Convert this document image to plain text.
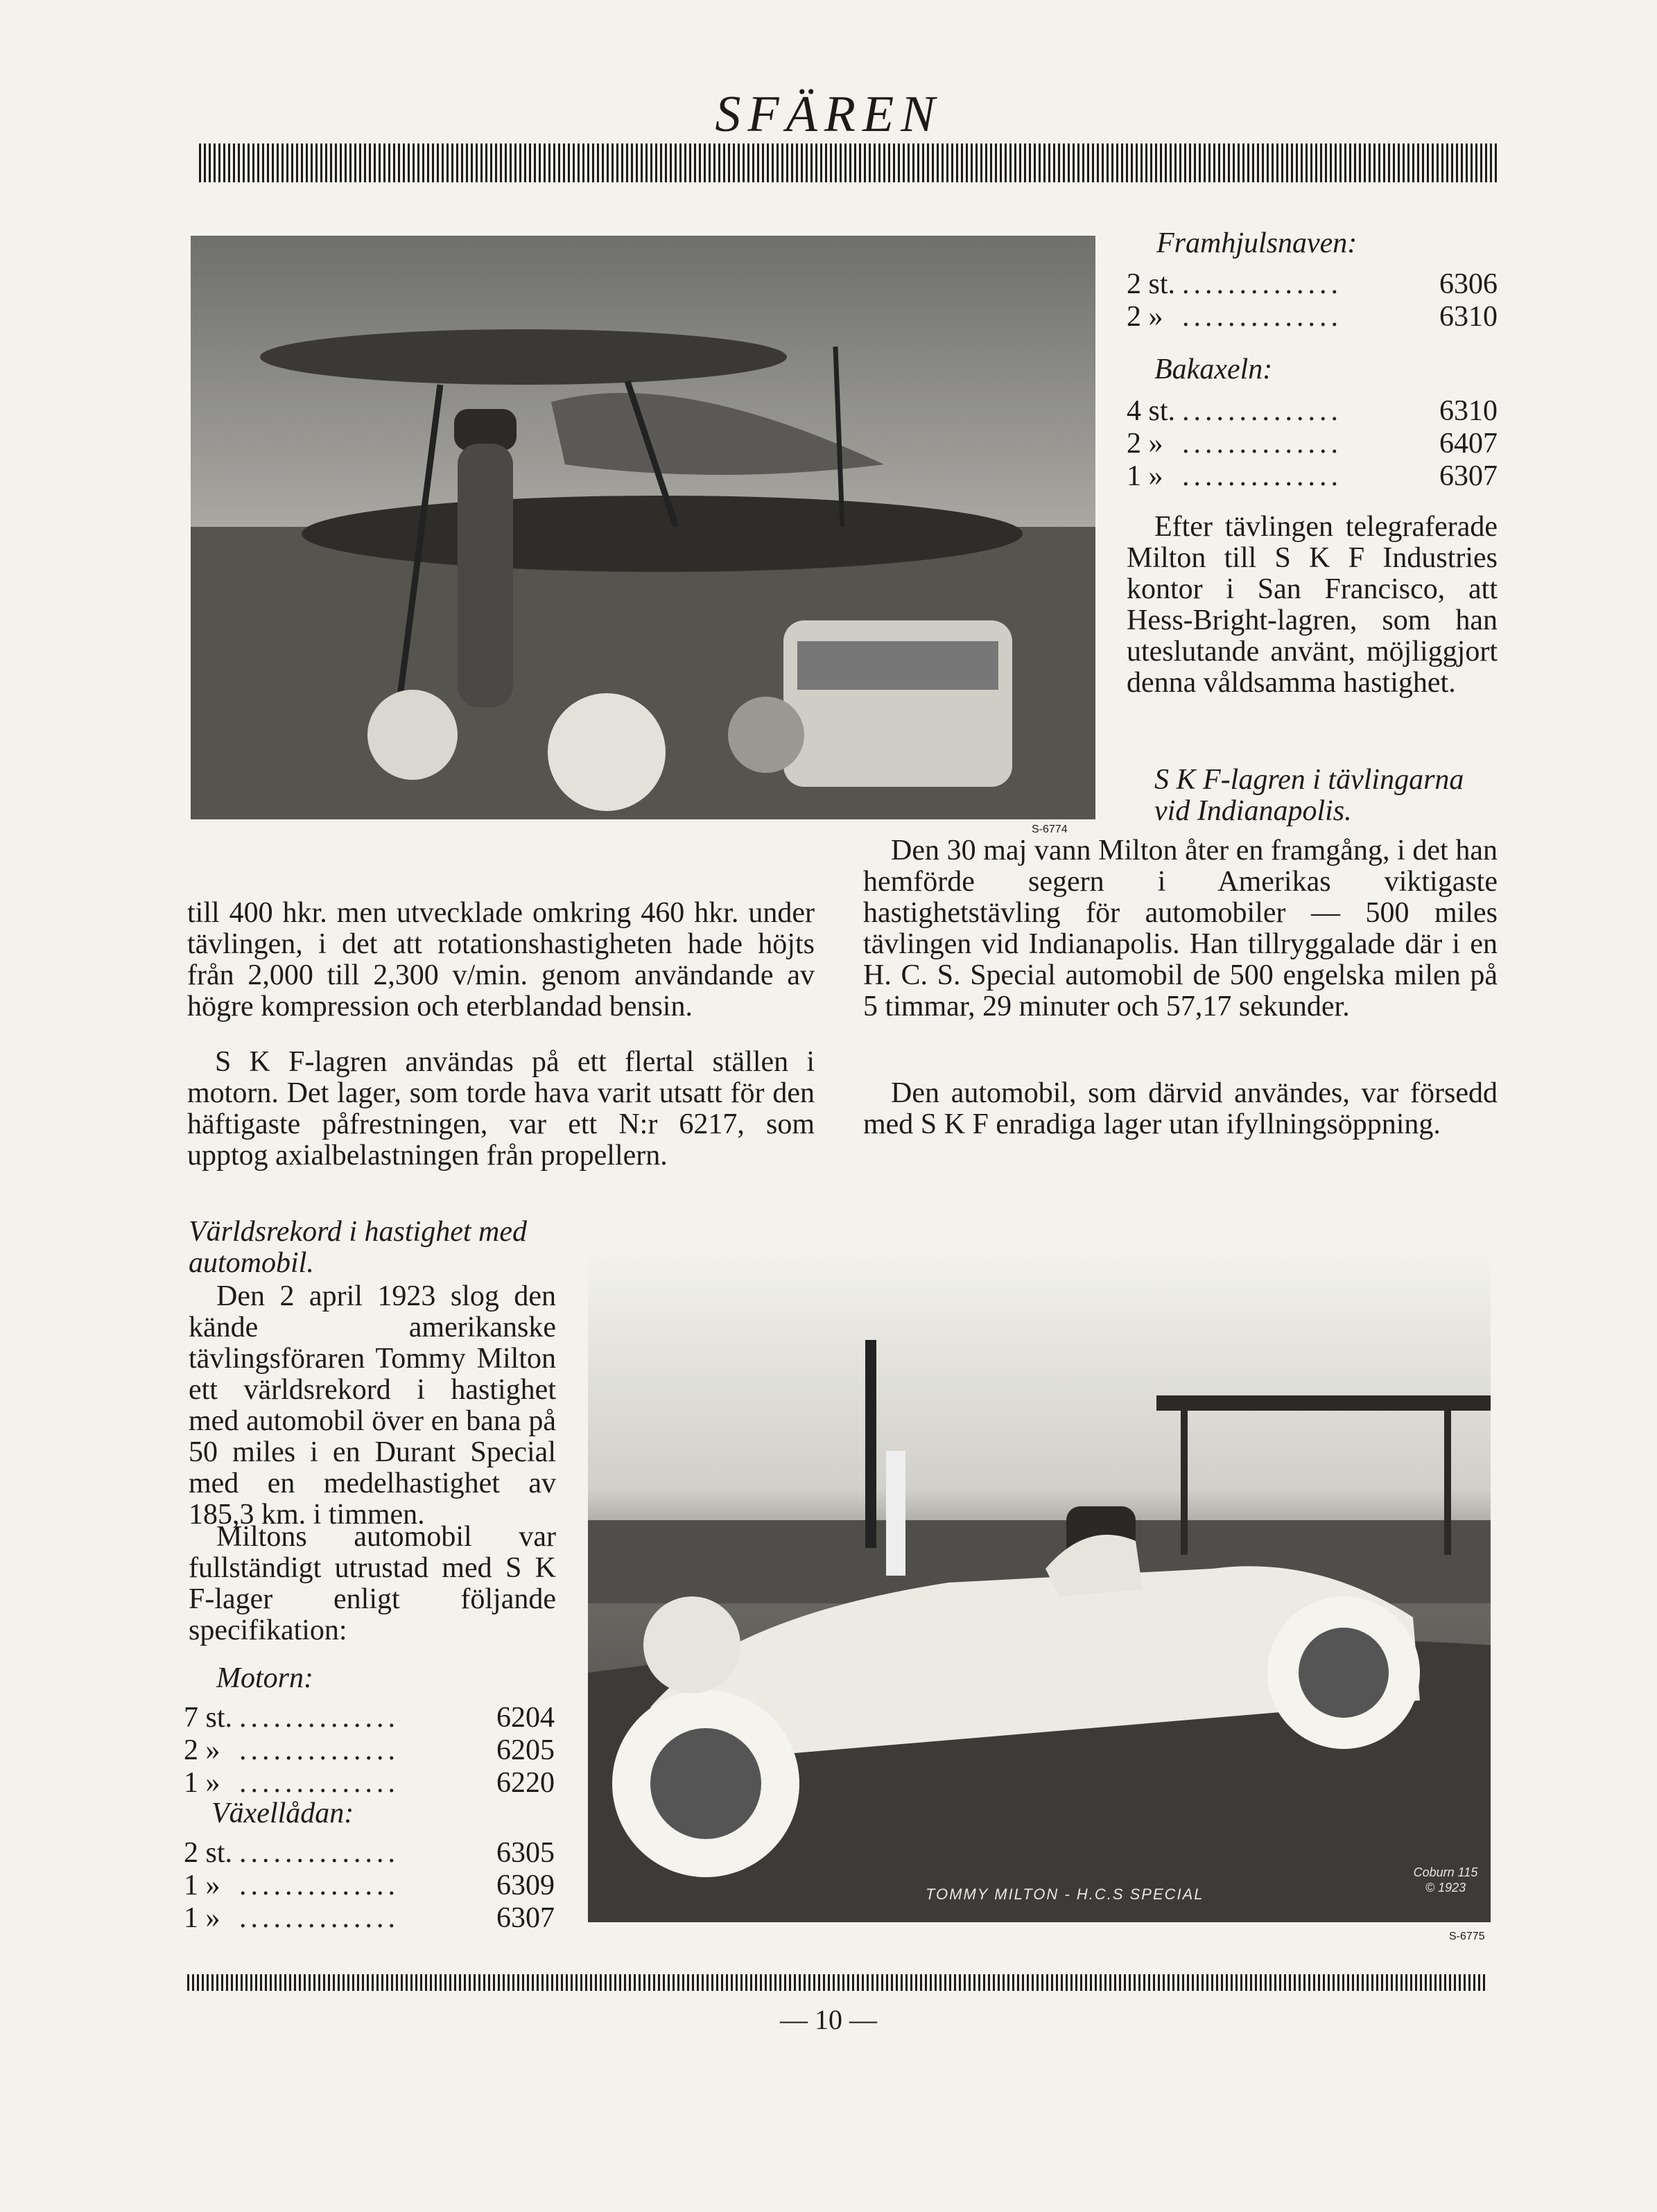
SFÄREN
S-6774
Framhjulsnaven:
2 st. ..............	6306
2 » ..............	6310
Bakaxeln:
4 st. ..............	6310
2 » ..............	6407
1 » ..............	6307

Efter tävlingen telegraferade Milton till S K F Industries kontor i San Francisco, att Hess-Bright-lagren, som han uteslutande använt, möjliggjort denna våldsamma hastighet.

S K F-lagren i tävlingarna vid Indianapolis.

Den 30 maj vann Milton åter en framgång, i det han hemförde segern i Amerikas viktigaste hastighetstävling för automobiler — 500 miles tävlingen vid Indianapolis. Han tillryggalade där i en H. C. S. Special automobil de 500 engelska milen på 5 timmar, 29 minuter och 57,17 sekunder.

Den automobil, som därvid användes, var försedd med S K F enradiga lager utan ifyllningsöppning.

till 400 hkr. men utvecklade omkring 460 hkr. under tävlingen, i det att rotationshastigheten hade höjts från 2,000 till 2,300 v/min. genom användande av högre kompression och eterblandad bensin.

S K F-lagren användas på ett flertal ställen i motorn. Det lager, som torde hava varit utsatt för den häftigaste påfrestningen, var ett N:r 6217, som upptog axialbelastningen från propellern.

Världsrekord i hastighet med automobil.

Den 2 april 1923 slog den kände amerikanske tävlingsföraren Tommy Milton ett världsrekord i hastighet med automobil över en bana på 50 miles i en Durant Special med en medelhastighet av 185,3 km. i timmen.

Miltons automobil var fullständigt utrustad med S K F-lager enligt följande specifikation:

Motorn:
7 st. ..............	6204
2 » ..............	6205
1 » ..............	6220
Växellådan:
2 st. ..............	6305
1 » ..............	6309
1 » ..............	6307
TOMMY MILTON - H.C.S SPECIAL
Coburn 115 © 1923
S-6775
— 10 —
